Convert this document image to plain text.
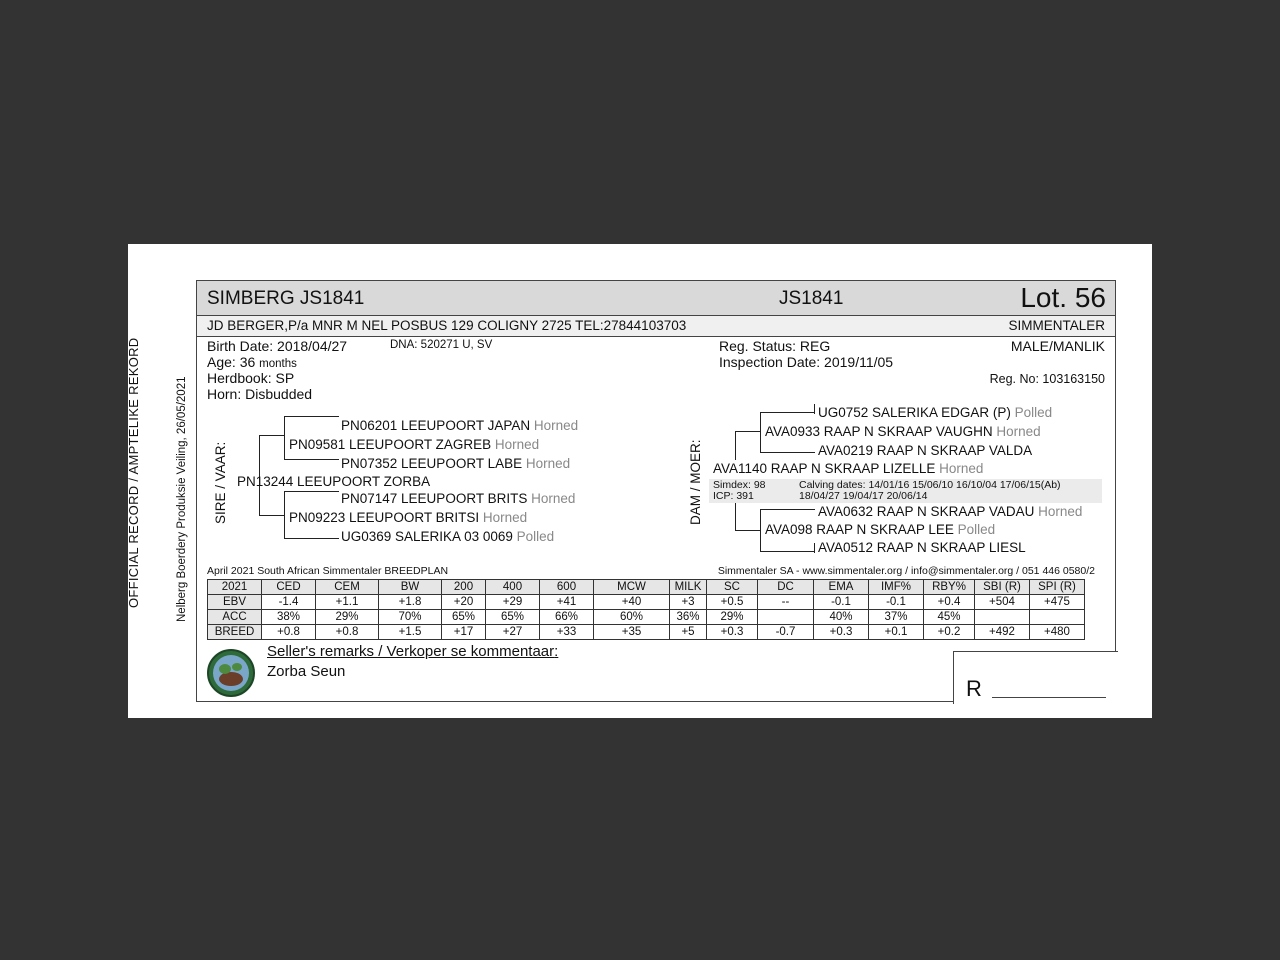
OFFICIAL RECORD / AMPTELIKE REKORD	Nelberg Boerdery Produksie Veiling, 26/05/2021
SIMBERG JS1841	JS1841	Lot. 56
JD BERGER,P/a MNR M NEL POSBUS 129 COLIGNY 2725 TEL:27844103703	SIMMENTALER
Birth Date: 2018/04/27	DNA: 520271 U, SV
Age: 36 months
Herdbook: SP
Horn: Disbudded
Reg. Status: REG
Inspection Date: 2019/11/05
MALE/MANLIK
Reg. No: 103163150
SIRE / VAAR:
PN06201 LEEUPOORT JAPAN Horned
PN09581 LEEUPOORT ZAGREB Horned
PN07352 LEEUPOORT LABE Horned
PN13244 LEEUPOORT ZORBA
PN07147 LEEUPOORT BRITS Horned
PN09223 LEEUPOORT BRITSI Horned
UG0369 SALERIKA 03 0069 Polled
DAM / MOER:
UG0752 SALERIKA EDGAR (P) Polled
AVA0933 RAAP N SKRAAP VAUGHN Horned
AVA0219 RAAP N SKRAAP VALDA
AVA1140 RAAP N SKRAAP LIZELLE Horned
Simdex: 98
ICP: 391
Calving dates: 14/01/16 15/06/10 16/10/04 17/06/15(Ab)
18/04/27 19/04/17 20/06/14
AVA0632 RAAP N SKRAAP VADAU Horned
AVA098 RAAP N SKRAAP LEE Polled
AVA0512 RAAP N SKRAAP LIESL
April 2021 South African Simmentaler BREEDPLAN	Simmentaler SA - www.simmentaler.org / info@simmentaler.org / 051 446 0580/2
2021	CED	CEM	BW	200	400	600	MCW	MILK	SC	DC	EMA	IMF%	RBY%	SBI (R)	SPI (R)
EBV	-1.4	+1.1	+1.8	+20	+29	+41	+40	+3	+0.5	--	-0.1	-0.1	+0.4	+504	+475
ACC	38%	29%	70%	65%	65%	66%	60%	36%	29%		40%	37%	45%		
BREED	+0.8	+0.8	+1.5	+17	+27	+33	+35	+5	+0.3	-0.7	+0.3	+0.1	+0.2	+492	+480
Seller's remarks / Verkoper se kommentaar:
Zorba Seun
R
